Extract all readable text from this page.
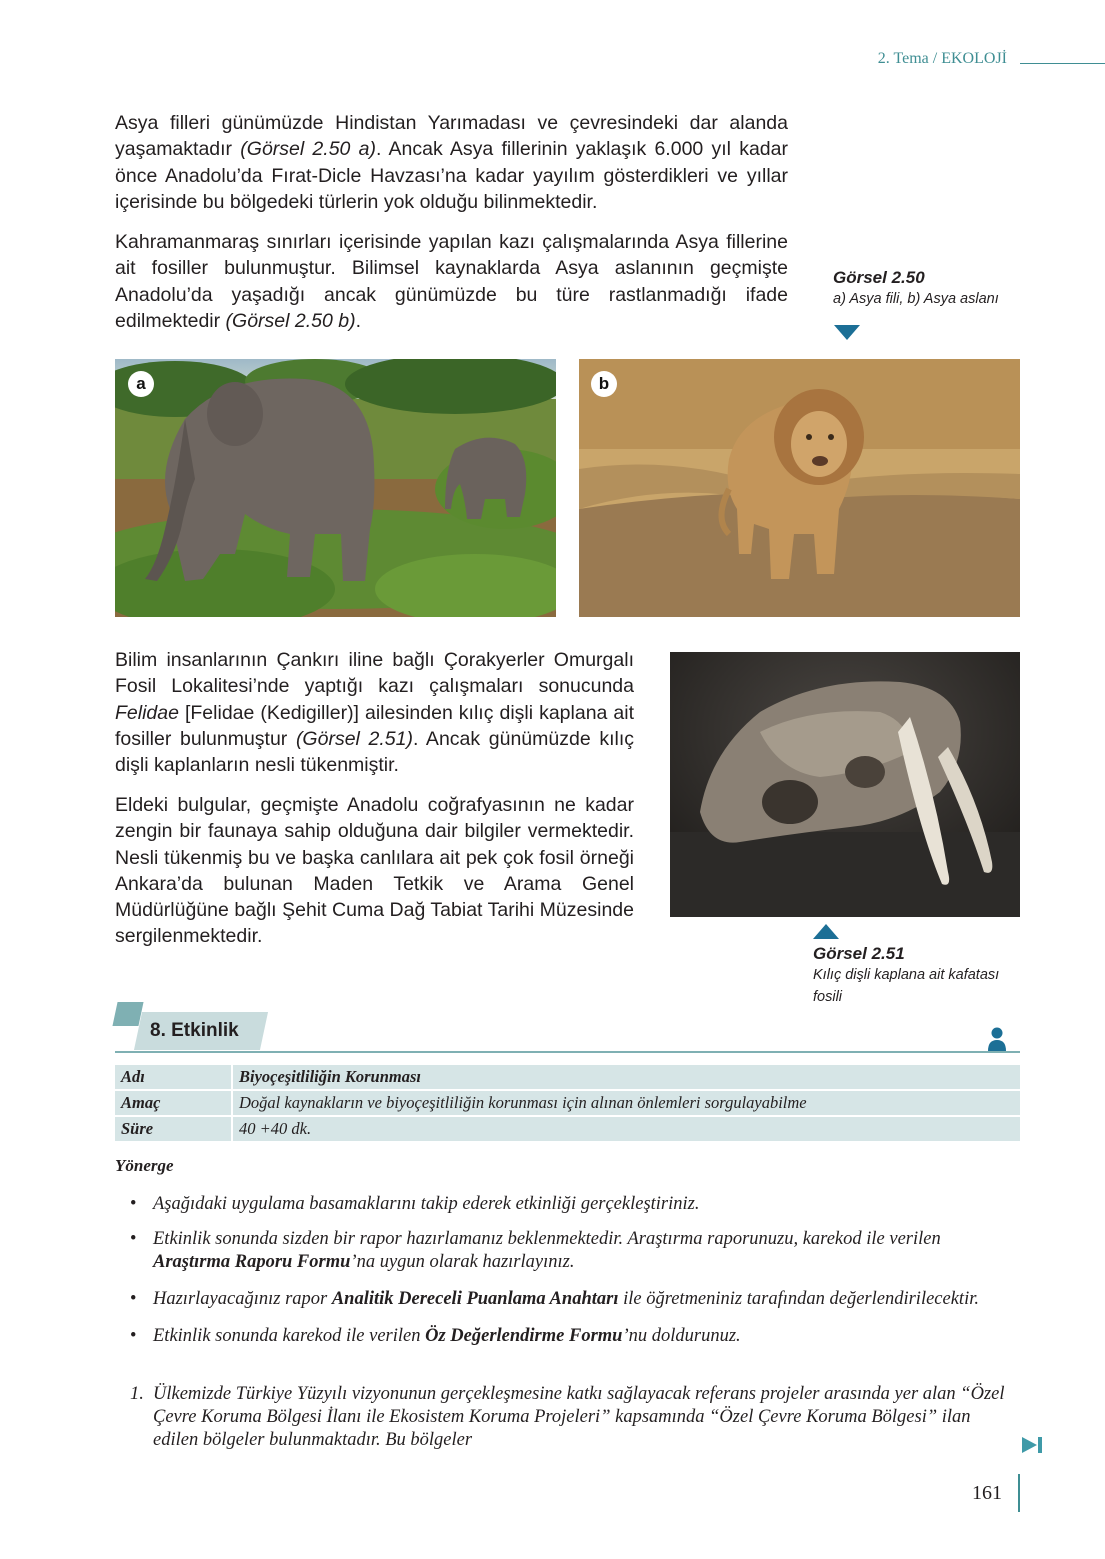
2. Tema / EKOLOJİ

Asya filleri günümüzde Hindistan Yarımadası ve çevresindeki dar alanda yaşamaktadır (Görsel 2.50 a). Ancak Asya fillerinin yaklaşık 6.000 yıl kadar önce Anadolu’da Fırat-Dicle Havzası’na kadar yayılım gösterdikleri ve yıllar içerisinde bu bölgedeki türlerin yok olduğu bilinmektedir.

Kahramanmaraş sınırları içerisinde yapılan kazı çalışmalarında Asya fillerine ait fosiller bulunmuştur. Bilimsel kaynaklarda Asya aslanının geçmişte Anadolu’da yaşadığı ancak günümüzde bu türe rastlanmadığı ifade edilmektedir (Görsel 2.50 b).

Görsel 2.50
a) Asya fili, b) Asya aslanı
a	b

Bilim insanlarının Çankırı iline bağlı Çorakyerler Omurgalı Fosil Lokalitesi’nde yaptığı kazı çalışmaları sonucunda Felidae [Felidae (Kedigiller)] ailesinden kılıç dişli kaplana ait fosiller bulunmuştur (Görsel 2.51). Ancak günümüzde kılıç dişli kaplanların nesli tükenmiştir.

Eldeki bulgular, geçmişte Anadolu coğrafyasının ne kadar zengin bir faunaya sahip olduğuna dair bilgiler vermektedir. Nesli tükenmiş bu ve başka canlılara ait pek çok fosil örneği Ankara’da bulunan Maden Tetkik ve Arama Genel Müdürlüğüne bağlı Şehit Cuma Dağ Tabiat Tarihi Müzesinde sergilenmektedir.

Görsel 2.51
Kılıç dişli kaplana ait kafatası fosili
8. Etkinlik
Adı	Biyoçeşitliliğin Korunması
Amaç	Doğal kaynakların ve biyoçeşitliliğin korunması için alınan önlemleri sorgulayabilme
Süre	40 +40 dk.
Yönerge
• Aşağıdaki uygulama basamaklarını takip ederek etkinliği gerçekleştiriniz.
• Etkinlik sonunda sizden bir rapor hazırlamanız beklenmektedir. Araştırma raporunuzu, karekod ile verilen Araştırma Raporu Formu’na uygun olarak hazırlayınız.
• Hazırlayacağınız rapor Analitik Dereceli Puanlama Anahtarı ile öğretmeniniz tarafından değerlendirilecektir.
• Etkinlik sonunda karekod ile verilen Öz Değerlendirme Formu’nu doldurunuz.
1. Ülkemizde Türkiye Yüzyılı vizyonunun gerçekleşmesine katkı sağlayacak referans projeler arasında yer alan “Özel Çevre Koruma Bölgesi İlanı ile Ekosistem Koruma Projeleri” kapsamında “Özel Çevre Koruma Bölgesi” ilan edilen bölgeler bulunmaktadır. Bu bölgeler
161
